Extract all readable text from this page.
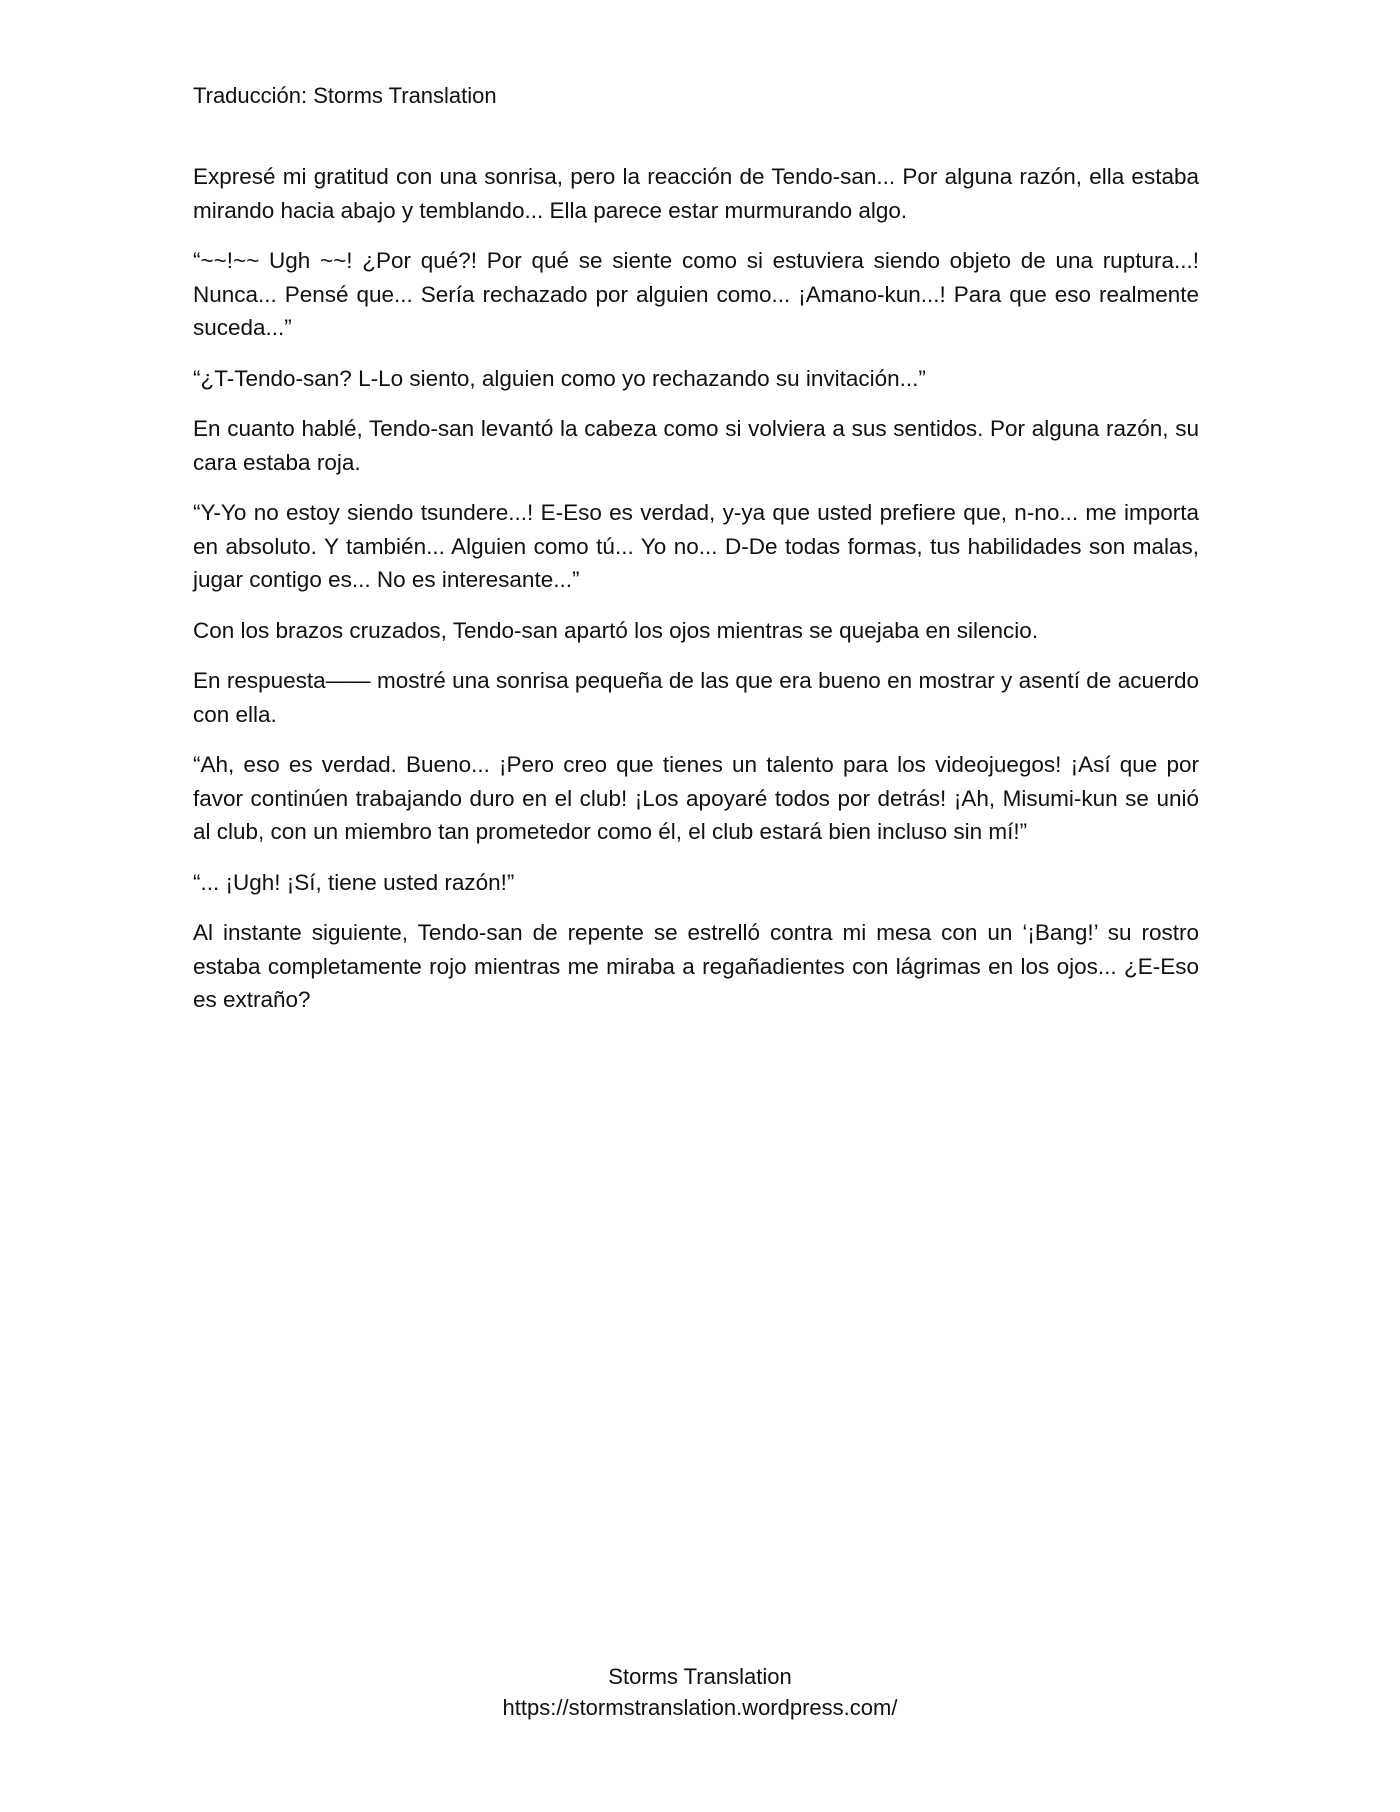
Traducción: Storms Translation

Expresé mi gratitud con una sonrisa, pero la reacción de Tendo-san... Por alguna razón, ella estaba mirando hacia abajo y temblando... Ella parece estar murmurando algo.

“~~!~~ Ugh ~~! ¿Por qué?! Por qué se siente como si estuviera siendo objeto de una ruptura...! Nunca... Pensé que... Sería rechazado por alguien como... ¡Amano-kun...! Para que eso realmente suceda...”

“¿T-Tendo-san? L-Lo siento, alguien como yo rechazando su invitación...”

En cuanto hablé, Tendo-san levantó la cabeza como si volviera a sus sentidos. Por alguna razón, su cara estaba roja.

“Y-Yo no estoy siendo tsundere...! E-Eso es verdad, y-ya que usted prefiere que, n-no... me importa en absoluto. Y también... Alguien como tú... Yo no... D-De todas formas, tus habilidades son malas, jugar contigo es... No es interesante...”

Con los brazos cruzados, Tendo-san apartó los ojos mientras se quejaba en silencio.

En respuesta—— mostré una sonrisa pequeña de las que era bueno en mostrar y asentí de acuerdo con ella.

“Ah, eso es verdad. Bueno... ¡Pero creo que tienes un talento para los videojuegos! ¡Así que por favor continúen trabajando duro en el club! ¡Los apoyaré todos por detrás! ¡Ah, Misumi-kun se unió al club, con un miembro tan prometedor como él, el club estará bien incluso sin mí!”

“... ¡Ugh! ¡Sí, tiene usted razón!”

Al instante siguiente, Tendo-san de repente se estrelló contra mi mesa con un ‘¡Bang!’ su rostro estaba completamente rojo mientras me miraba a regañadientes con lágrimas en los ojos... ¿E-Eso es extraño?

Storms Translation
https://stormstranslation.wordpress.com/
